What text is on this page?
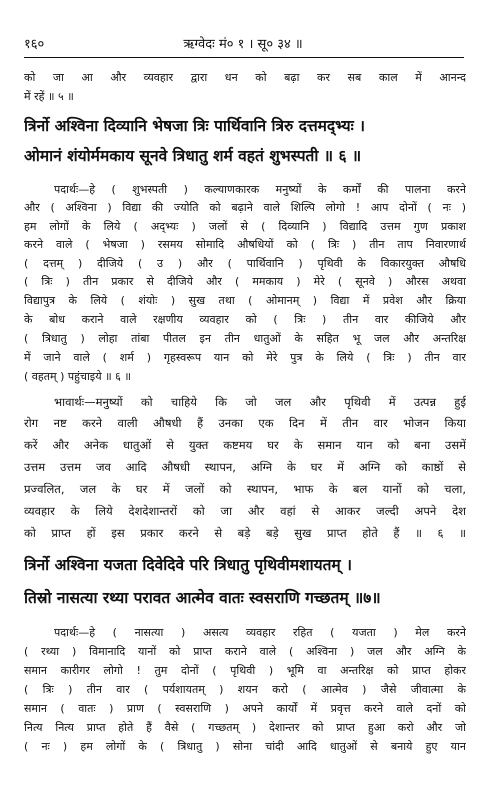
१६०	ऋग्वेदः मं० १ । सू० ३४ ॥
को जा आ और व्यवहार द्वारा धन को बढ़ा कर सब काल में आनन्द
में रहें ॥ ५ ॥
त्रिर्नो अश्विना दिव्यानि भेषजा त्रिः पार्थिवानि त्रिरु दत्तमद्भ्यः ।
ओमानं शंयोर्ममकाय सूनवे त्रिधातु शर्म वहतं शुभस्पती ॥ ६ ॥
पदार्थः—हे ( शुभस्पती ) कल्याणकारक मनुष्यों के कर्मों की पालना करने
और ( अश्विना ) विद्या की ज्योति को बढ़ाने वाले शिल्पि लोगो ! आप दोनों ( नः )
हम लोगों के लिये ( अद्भ्यः ) जलों से ( दिव्यानि ) विद्यादि उत्तम गुण प्रकाश
करने वाले ( भेषजा ) रसमय सोमादि औषधियों को ( त्रिः ) तीन ताप निवारणार्थ
( दत्तम् ) दीजिये ( उ ) और ( पार्थिवानि ) पृथिवी के विकारयुक्त औषधि
( त्रिः ) तीन प्रकार से दीजिये और ( ममकाय ) मेरे ( सूनवे ) औरस अथवा
विद्यापुत्र के लिये ( शंयोः ) सुख तथा ( ओमानम् ) विद्या में प्रवेश और क्रिया
के बोध कराने वाले रक्षणीय व्यवहार को ( त्रिः ) तीन वार कीजिये और
( त्रिधातु ) लोहा तांबा पीतल इन तीन धातुओं के सहित भू जल और अन्तरिक्ष
में जाने वाले ( शर्म ) गृहस्वरूप यान को मेरे पुत्र के लिये ( त्रिः ) तीन वार
( वहतम् ) पहुंचाइये ॥ ६ ॥
भावार्थः—मनुष्यों को चाहिये कि जो जल और पृथिवी में उत्पन्न हुई
रोग नष्ट करने वाली औषधी हैं उनका एक दिन में तीन वार भोजन किया
करें और अनेक धातुओं से युक्त कष्टमय घर के समान यान को बना उसमें
उत्तम उत्तम जव आदि औषधी स्थापन, अग्नि के घर में अग्नि को काष्ठों से
प्रज्वलित, जल के घर में जलों को स्थापन, भाफ के बल यानों को चला,
व्यवहार के लिये देशदेशान्तरों को जा और वहां से आकर जल्दी अपने देश
को प्राप्त हों इस प्रकार करने से बड़े बड़े सुख प्राप्त होते हैं ॥ ६ ॥
त्रिर्नो अश्विना यजता दिवेदिवे परि त्रिधातु पृथिवीमशायतम् ।
तिस्रो नासत्या रथ्या परावत आत्मेव वातः स्वसराणि गच्छतम् ॥७॥
पदार्थः—हे ( नासत्या ) असत्य व्यवहार रहित ( यजता ) मेल करने
( रथ्या ) विमानादि यानों को प्राप्त कराने वाले ( अश्विना ) जल और अग्नि के
समान कारीगर लोगो ! तुम दोनों ( पृथिवी ) भूमि वा अन्तरिक्ष को प्राप्त होकर
( त्रिः ) तीन वार ( पर्यशायतम् ) शयन करो ( आत्मेव ) जैसे जीवात्मा के
समान ( वातः ) प्राण ( स्वसराणि ) अपने कार्यों में प्रवृत्त करने वाले दनों को
नित्य नित्य प्राप्त होते हैं वैसे ( गच्छतम् ) देशान्तर को प्राप्त हुआ करो और जो
( नः ) हम लोगों के ( त्रिधातु ) सोना चांदी आदि धातुओं से बनाये हुए यान
